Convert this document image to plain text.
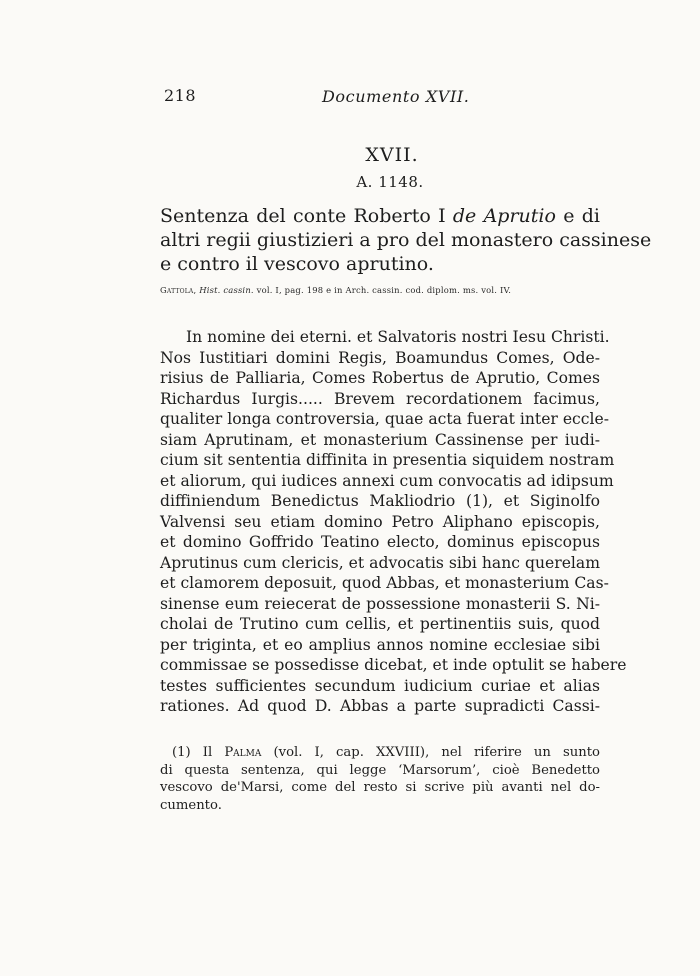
218	Documento XVII.
XVII.
A. 1148.
Sentenza del conte Roberto I de Aprutio e di
altri regii giustizieri a pro del monastero cassinese
e contro il vescovo aprutino.
Gattola, Hist. cassin. vol. I, pag. 198 e in Arch. cassin. cod. diplom. ms. vol. IV.
In nomine dei eterni. et Salvatoris nostri Iesu Christi.
Nos Iustitiari domini Regis, Boamundus Comes, Ode-
risius de Palliaria, Comes Robertus de Aprutio, Comes
Richardus Iurgis..... Brevem recordationem facimus,
qualiter longa controversia, quae acta fuerat inter eccle-
siam Aprutinam, et monasterium Cassinense per iudi-
cium sit sententia diffinita in presentia siquidem nostram
et aliorum, qui iudices annexi cum convocatis ad idipsum
diffiniendum Benedictus Makliodrio (1), et Siginolfo
Valvensi seu etiam domino Petro Aliphano episcopis,
et domino Goffrido Teatino electo, dominus episcopus
Aprutinus cum clericis, et advocatis sibi hanc querelam
et clamorem deposuit, quod Abbas, et monasterium Cas-
sinense eum reiecerat de possessione monasterii S. Ni-
cholai de Trutino cum cellis, et pertinentiis suis, quod
per triginta, et eo amplius annos nomine ecclesiae sibi
commissae se possedisse dicebat, et inde optulit se habere
testes sufficientes secundum iudicium curiae et alias
rationes. Ad quod D. Abbas a parte supradicti Cassi-
(1) Il Palma (vol. I, cap. XXVIII), nel riferire un sunto
di questa sentenza, qui legge ‘Marsorum’, cioè Benedetto
vescovo de'Marsi, come del resto si scrive più avanti nel do-
cumento.
